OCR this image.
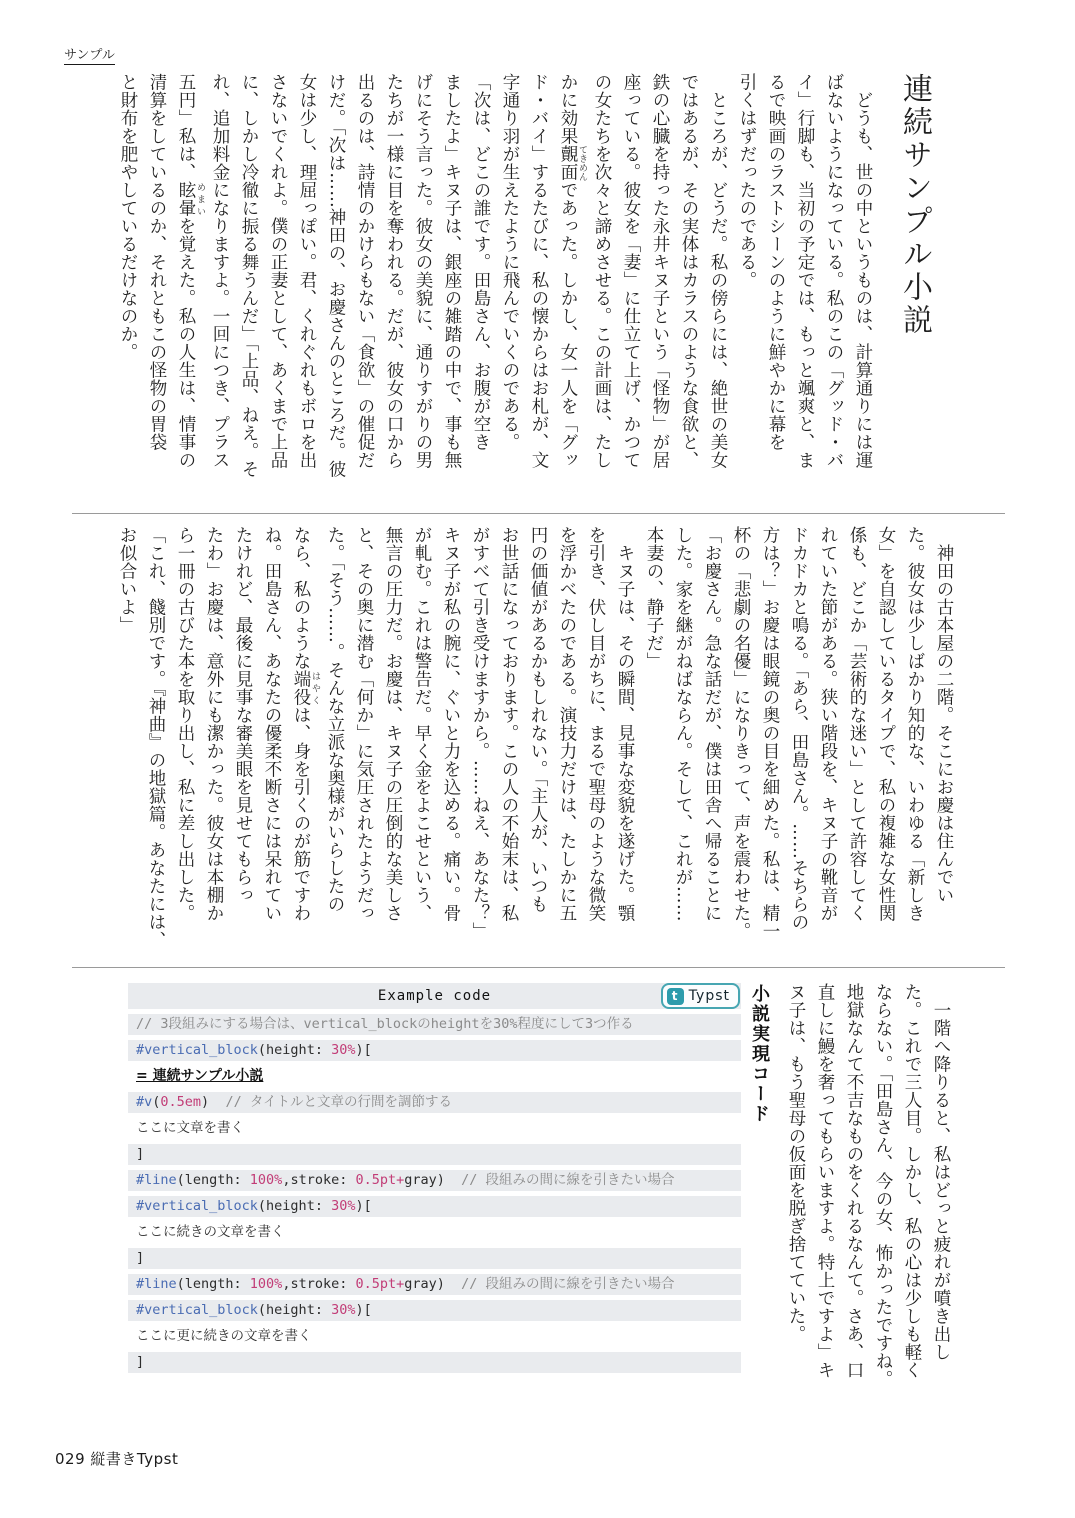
サンプル
連続サンプル小説
　どうも、世の中というものは、計算通りには運
ばないようになっている。私のこの「グッド・バ
イ」行脚も、当初の予定では、もっと颯爽と、ま
るで映画のラストシーンのように鮮やかに幕を
引くはずだったのである。
　ところが、どうだ。私の傍らには、絶世の美女
ではあるが、その実体はカラスのような食欲と、
鉄の心臓を持った永井キヌ子という「怪物」が居
座っている。彼女を「妻」に仕立て上げ、かつて
の女たちを次々と諦めさせる。この計画は、たし
かに効果覿面 てきめんであった。しかし、女一人を「グッ
ド・バイ」するたびに、私の懐からはお札が、文
字通り羽が生えたように飛んでいくのである。
「次は、どこの誰です。田島さん、お腹が空き
ましたよ」キヌ子は、銀座の雑踏の中で、事も無
げにそう言った。彼女の美貌に、通りすがりの男
たちが一様に目を奪われる。だが、彼女の口から
出るのは、詩情のかけらもない「食欲」の催促だ
けだ。「次は……神田の、お慶さんのところだ。彼
女は少し、理屈っぽい。君、くれぐれもボロを出
さないでくれよ。僕の正妻として、あくまで上品
に、しかし冷徹に振る舞うんだ」「上品、ねえ。そ
れ、追加料金になりますよ。一回につき、プラス
五円」私は、眩暈 めまいを覚えた。私の人生は、情事の
清算をしているのか、それともこの怪物の胃袋
と財布を肥やしているだけなのか。
　神田の古本屋の二階。そこにお慶は住んでい
た。彼女は少しばかり知的な、いわゆる「新しき
女」を自認しているタイプで、私の複雑な女性関
係も、どこか「芸術的な迷い」として許容してく
れていた節がある。狭い階段を、キヌ子の靴音が
ドカドカと鳴る。「あら、田島さん。……そちらの
方は？」お慶は眼鏡の奥の目を細めた。私は、精一
杯の「悲劇の名優」になりきって、声を震わせた。
「お慶さん。急な話だが、僕は田舎へ帰ることに
した。家を継がねばならん。そして、これが……
本妻の、静子だ」
　キヌ子は、その瞬間、見事な変貌を遂げた。顎
を引き、伏し目がちに、まるで聖母のような微笑
を浮かべたのである。演技力だけは、たしかに五
円の価値があるかもしれない。「主人が、いつも
お世話になっております。この人の不始末は、私
がすべて引き受けますから。……ねえ、あなた？」
キヌ子が私の腕に、ぐいと力を込める。痛い。骨
が軋む。これは警告だ。早く金をよこせという、
無言の圧力だ。お慶は、キヌ子の圧倒的な美しさ
と、その奥に潜む「何か」に気圧されたようだっ
た。「そう……。そんな立派な奥様がいらしたの
なら、私のような端役 はやくは、身を引くのが筋ですわ
ね。田島さん、あなたの優柔不断さには呆れてい
たけれど、最後に見事な審美眼を見せてもらっ
たわ」お慶は、意外にも潔かった。彼女は本棚か
ら一冊の古びた本を取り出し、私に差し出した。
「これ、餞別です。『神曲』の地獄篇。あなたには、
お似合いよ」
　一階へ降りると、私はどっと疲れが噴き出し
た。これで三人目。しかし、私の心は少しも軽く
ならない。「田島さん、今の女、怖かったですね。
地獄なんて不吉なものをくれるなんて。さあ、口
直しに鰻を奢ってもらいますよ。特上ですよ」キ
ヌ子は、もう聖母の仮面を脱ぎ捨てていた。
小説実現コード
Example code	t Typst
// 3段組みにする場合は、vertical_blockのheightを30%程度にして3つ作る
#vertical_block(height: 30%)[
= 連続サンプル小説
#v(0.5em)  // タイトルと文章の行間を調節する
ここに文章を書く
]
#line(length: 100%,stroke: 0.5pt+gray)  // 段組みの間に線を引きたい場合
#vertical_block(height: 30%)[
ここに続きの文章を書く
]
#line(length: 100%,stroke: 0.5pt+gray)  // 段組みの間に線を引きたい場合
#vertical_block(height: 30%)[
ここに更に続きの文章を書く
]
029 縦書きTypst
